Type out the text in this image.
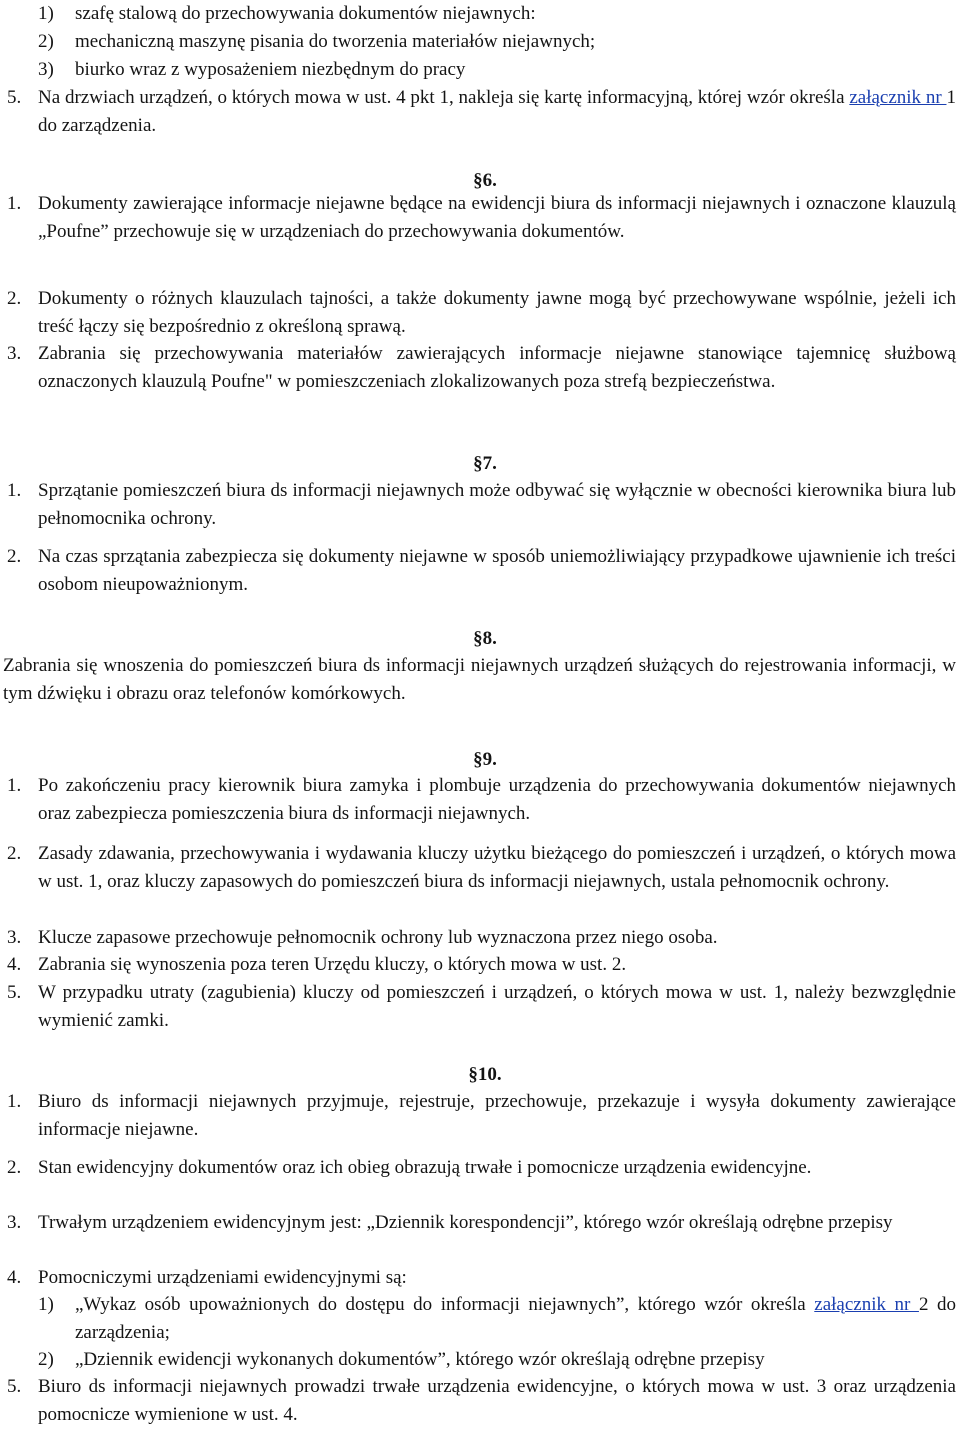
1) szafę stalową do przechowywania dokumentów niejawnych:
2) mechaniczną maszynę pisania do tworzenia materiałów niejawnych;
3) biurko wraz z wyposażeniem niezbędnym do pracy
5. Na drzwiach urządzeń, o których mowa w ust. 4 pkt 1, nakleja się kartę informacyjną, której wzór określa załącznik nr 1 do zarządzenia.
§6.
1. Dokumenty zawierające informacje niejawne będące na ewidencji biura ds informacji niejawnych i oznaczone klauzulą „Poufne” przechowuje się w urządzeniach do przechowywania dokumentów.
2. Dokumenty o różnych klauzulach tajności, a także dokumenty jawne mogą być przechowywane wspólnie, jeżeli ich treść łączy się bezpośrednio z określoną sprawą.
3. Zabrania się przechowywania materiałów zawierających informacje niejawne stanowiące tajemnicę służbową oznaczonych klauzulą Poufne" w pomieszczeniach zlokalizowanych poza strefą bezpieczeństwa.
§7.
1. Sprzątanie pomieszczeń biura ds informacji niejawnych może odbywać się wyłącznie w obecności kierownika biura lub pełnomocnika ochrony.
2. Na czas sprzątania zabezpiecza się dokumenty niejawne w sposób uniemożliwiający przypadkowe ujawnienie ich treści osobom nieupoważnionym.
§8.
Zabrania się wnoszenia do pomieszczeń biura ds informacji niejawnych urządzeń służących do rejestrowania informacji, w tym dźwięku i obrazu oraz telefonów komórkowych.
§9.
1. Po zakończeniu pracy kierownik biura zamyka i plombuje urządzenia do przechowywania dokumentów niejawnych oraz zabezpiecza pomieszczenia biura ds informacji niejawnych.
2. Zasady zdawania, przechowywania i wydawania kluczy użytku bieżącego do pomieszczeń i urządzeń, o których mowa w ust. 1, oraz kluczy zapasowych do pomieszczeń biura ds informacji niejawnych, ustala pełnomocnik ochrony.
3. Klucze zapasowe przechowuje pełnomocnik ochrony lub wyznaczona przez niego osoba.
4. Zabrania się wynoszenia poza teren Urzędu kluczy, o których mowa w ust. 2.
5. W przypadku utraty (zagubienia) kluczy od pomieszczeń i urządzeń, o których mowa w ust. 1, należy bezwzględnie wymienić zamki.
§10.
1. Biuro ds informacji niejawnych przyjmuje, rejestruje, przechowuje, przekazuje i wysyła dokumenty zawierające informacje niejawne.
2. Stan ewidencyjny dokumentów oraz ich obieg obrazują trwałe i pomocnicze urządzenia ewidencyjne.
3. Trwałym urządzeniem ewidencyjnym jest: „Dziennik korespondencji”, którego wzór określają odrębne przepisy
4. Pomocniczymi urządzeniami ewidencyjnymi są:
1) „Wykaz osób upoważnionych do dostępu do informacji niejawnych”, którego wzór określa załącznik nr 2 do zarządzenia;
2) „Dziennik ewidencji wykonanych dokumentów”, którego wzór określają odrębne przepisy
5. Biuro ds informacji niejawnych prowadzi trwałe urządzenia ewidencyjne, o których mowa w ust. 3 oraz urządzenia pomocnicze wymienione w ust. 4.
